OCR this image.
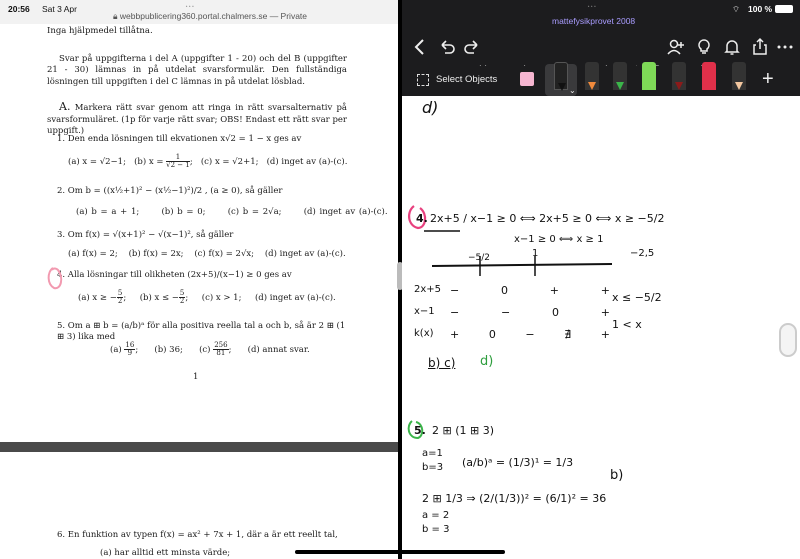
20:56 Sat 3 Apr	···
🔒︎ webbpublicering360.portal.chalmers.se — Private
Inga hjälpmedel tillåtna.
Svar på uppgifterna i del A (uppgifter 1 - 20) och del B (uppgifter 21 - 30) lämnas in på utdelat svarsformulär. Den fullständiga lösningen till uppgiften i del C lämnas in på utdelat lösblad.
A. Markera rätt svar genom att ringa in rätt svarsalternativ på svarsformuläret. (1p för varje rätt svar; OBS! Endast ett rätt svar per uppgift.)
1. Den enda lösningen till ekvationen x√2 = 1 − x ges av
(a) x = √2−1; (b) $x = \frac{1}{√2 - 1}$ ;   (c) x = √2+1; (d) inget av (a)-(c).
2. Om b = ((x½+1)² − (x½−1)²)/2 , (a ≥ 0), så gäller
(a) b = a + 1;	(b) b = 0;	(c) b = 2√a;	(d) inget av (a)-(c).
3. Om f(x) = √(x+1)² − √(x−1)², så gäller
(a) f(x) = 2; (b) f(x) = 2x; (c) f(x) = 2√x; (d) inget av (a)-(c).
4. Alla lösningar till olikheten (2x+5)/(x−1) ≥ 0 ges av
(a) x ≥ − $\frac{5}{2}$ ;     (b) x ≤ − $\frac{5}{2}$ ;     (c) x > 1; (d) inget av (a)-(c).
5. Om a ⊞ b = (a/b)ᵃ för alla positiva reella tal a och b, så är 2 ⊞ (1 ⊞ 3) lika med
$(a) \frac{16}{9}$ ;      (b) 36; $(c) \frac{256}{81}$ ;      (d) annat svar.
1
6. En funktion av typen f(x) = ax² + 7x + 1, där a är ett reellt tal,
(a) har alltid ett minsta värde;
···	︎⌔ 100 %
mattefysikprovet 2008
Select Objects
⌄
+
d)
4. 2x+5 / x−1 ≥ 0 ⟺ 2x+5 ≥ 0 ⟺ x ≥ −5/2
x−1 ≥ 0 ⟺ x ≥ 1
−2,5
−5/2	1
2x+5 −	0	+	+
x−1 −	−	0	+
k(x) +	0	−	∄	+
x ≤ −5/2
1 < x
b) c) d)
5. 2 ⊞ (1 ⊞ 3)
a=1
b=3 (a/b)ᵃ = (1/3)¹ = 1/3
b)
2 ⊞ 1/3 ⇒ (2/(1/3))² = (6/1)² = 36
a = 2
b = 3
